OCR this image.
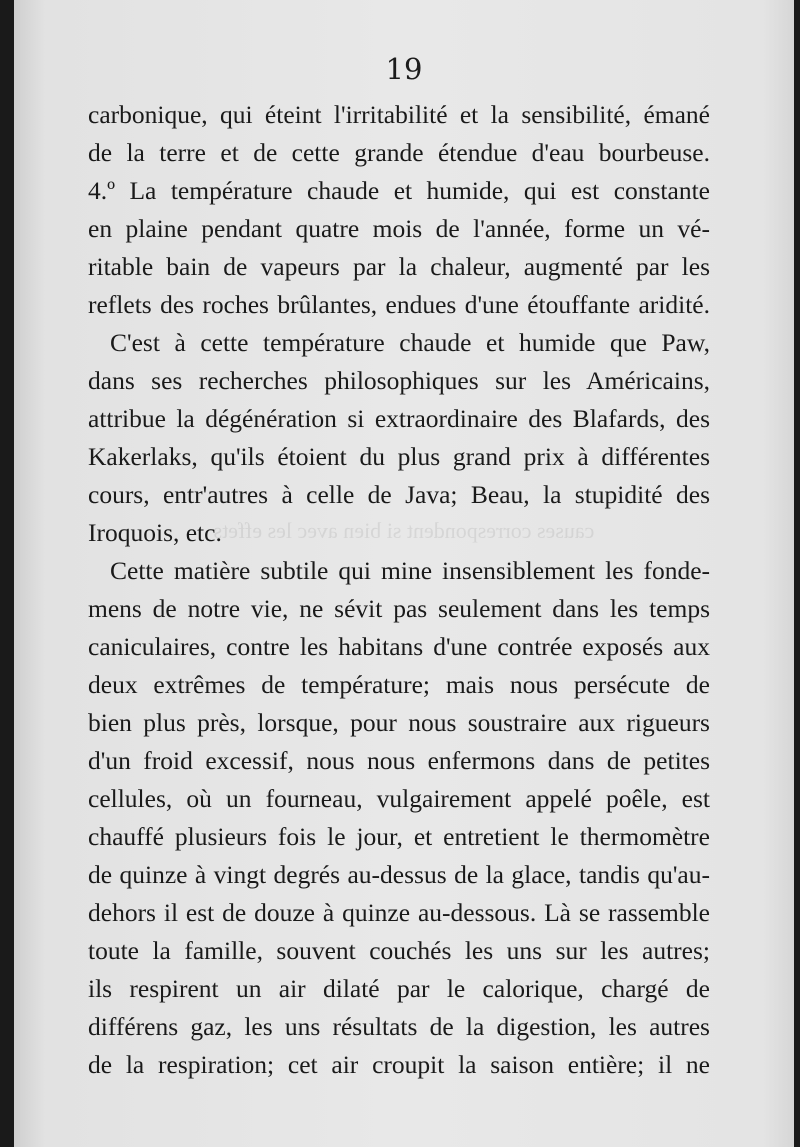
19
causes correspondent si bien avec les effets
carbonique, qui éteint l'irritabilité et la sensibilité, émané
de la terre et de cette grande étendue d'eau bourbeuse.
4.º La température chaude et humide, qui est constante
en plaine pendant quatre mois de l'année, forme un vé-
ritable bain de vapeurs par la chaleur, augmenté par les
reflets des roches brûlantes, endues d'une étouffante aridité.
C'est à cette température chaude et humide que Paw,
dans ses recherches philosophiques sur les Américains,
attribue la dégénération si extraordinaire des Blafards, des
Kakerlaks, qu'ils étoient du plus grand prix à différentes
cours, entr'autres à celle de Java; Beau, la stupidité des
Iroquois, etc.
Cette matière subtile qui mine insensiblement les fonde-
mens de notre vie, ne sévit pas seulement dans les temps
caniculaires, contre les habitans d'une contrée exposés aux
deux extrêmes de température; mais nous persécute de
bien plus près, lorsque, pour nous soustraire aux rigueurs
d'un froid excessif, nous nous enfermons dans de petites
cellules, où un fourneau, vulgairement appelé poêle, est
chauffé plusieurs fois le jour, et entretient le thermomètre
de quinze à vingt degrés au-dessus de la glace, tandis qu'au-
dehors il est de douze à quinze au-dessous. Là se rassemble
toute la famille, souvent couchés les uns sur les autres;
ils respirent un air dilaté par le calorique, chargé de
différens gaz, les uns résultats de la digestion, les autres
de la respiration; cet air croupit la saison entière; il ne
